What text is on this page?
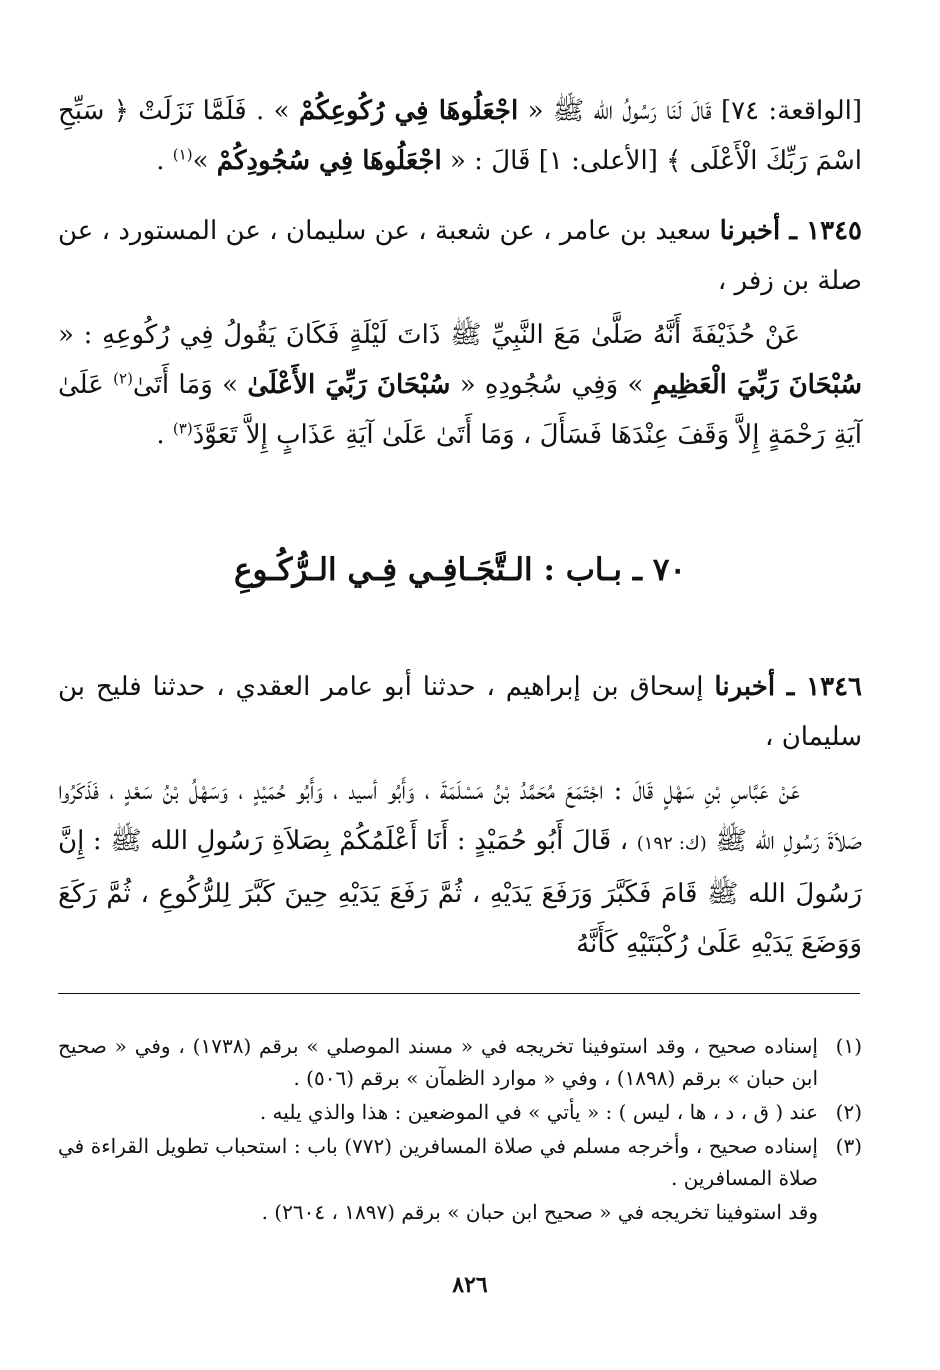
[الواقعة: ٧٤] قَالَ لَنَا رَسُولُ الله ﷺ « اجْعَلُوهَا فِي رُكُوعِكُمْ » . فَلَمَّا نَزَلَتْ ﴿ سَبِّحِ اسْمَ رَبِّكَ الْأَعْلَى ﴾ [الأعلى: ١] قَالَ : « اجْعَلُوهَا فِي سُجُودِكُمْ »$^{(١)}$ .

١٣٤٥ ـ أخبرنا سعيد بن عامر ، عن شعبة ، عن سليمان ، عن المستورد ، عن صلة بن زفر ،

عَنْ حُذَيْفَةَ أَنَّهُ صَلَّىٰ مَعَ النَّبِيِّ ﷺ ذَاتَ لَيْلَةٍ فَكَانَ يَقُولُ فِي رُكُوعِهِ : « سُبْحَانَ رَبِّيَ الْعَظِيمِ » وَفِي سُجُودِهِ « سُبْحَانَ رَبِّيَ الأَعْلَىٰ » وَمَا أَتَىٰ$^{(٢)}$ عَلَىٰ آيَةِ رَحْمَةٍ إِلاَّ وَقَفَ عِنْدَهَا فَسَأَلَ ، وَمَا أَتَىٰ عَلَىٰ آيَةِ عَذَابٍ إِلاَّ تَعَوَّذَ$^{(٣)}$ .

٧٠ ـ بـاب : الـتَّجَـافِـي فِـي الـرُّكُـوعِ

١٣٤٦ ـ أخبرنا إسحاق بن إبراهيم ، حدثنا أبو عامر العقدي ، حدثنا فليح بن سليمان ،

عَنْ عَبَّاسِ بْنِ سَهْلٍ قَالَ : اجْتَمَعَ مُحَمَّدُ بْنُ مَسْلَمَةَ ، وَأَبُو أسيد ، وَأَبُو حُمَيْدٍ ، وَسَهْلُ بْنُ سَعْدٍ ، فَذَكَرُوا صَلاَةَ رَسُولِ الله ﷺ (ك: ١٩٢) ، قَالَ أَبُو حُمَيْدٍ : أَنَا أَعْلَمُكُمْ بِصَلاَةِ رَسُولِ الله ﷺ : إِنَّ رَسُولَ الله ﷺ قَامَ فَكَبَّرَ وَرَفَعَ يَدَيْهِ ، ثُمَّ رَفَعَ يَدَيْهِ حِينَ كَبَّرَ لِلرُّكُوعِ ، ثُمَّ رَكَعَ وَوَضَعَ يَدَيْهِ عَلَىٰ رُكْبَتَيْهِ كَأَنَّهُ

(١)
إسناده صحيح ، وقد استوفينا تخريجه في « مسند الموصلي » برقم (١٧٣٨) ، وفي « صحيح ابن حبان » برقم (١٨٩٨) ، وفي « موارد الظمآن » برقم (٥٠٦) .
(٢)
عند ( ق ، د ، ها ، ليس ) : « يأتي » في الموضعين : هذا والذي يليه .
(٣)
إسناده صحيح ، وأخرجه مسلم في صلاة المسافرين (٧٧٢) باب : استحباب تطويل القراءة في صلاة المسافرين .

وقد استوفينا تخريجه في « صحيح ابن حبان » برقم (١٨٩٧ ، ٢٦٠٤) .

٨٢٦
